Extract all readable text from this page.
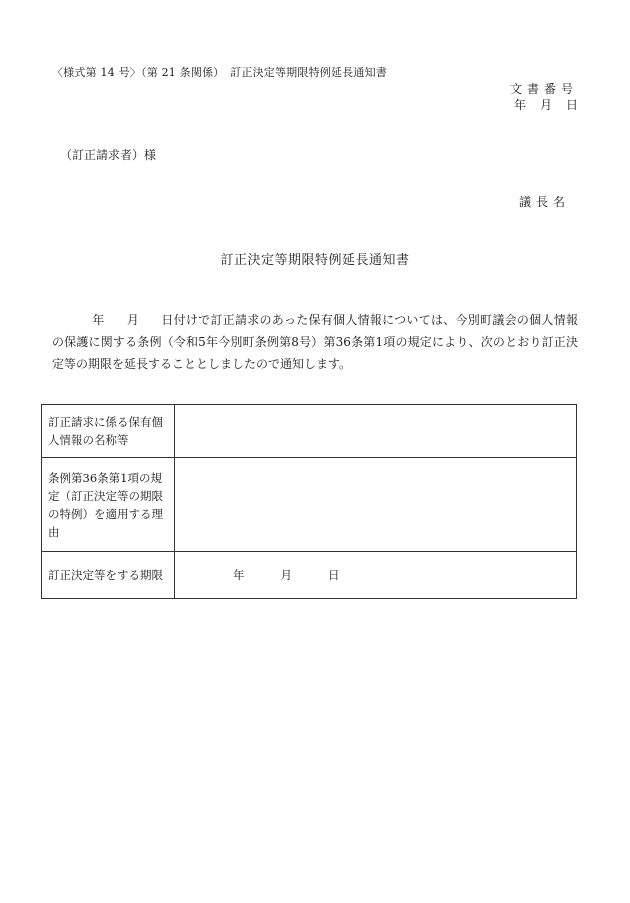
〈様式第 14 号〉（第 21 条関係）　訂正決定等期限特例延長通知書
文書番号
年 月 日
（訂正請求者）様
議長名
訂正決定等期限特例延長通知書
年 月 日付けで訂正請求のあった保有個人情報については、今別町議会の個人情報の保護に関する条例（令和5年今別町条例第8号）第36条第1項の規定により、次のとおり訂正決定等の期限を延長することとしましたので通知します。
訂正請求に係る保有個人情報の名称等	
条例第36条第1項の規定（訂正決定等の期限の特例）を適用する理由	
訂正決定等をする期限	年 月 日
